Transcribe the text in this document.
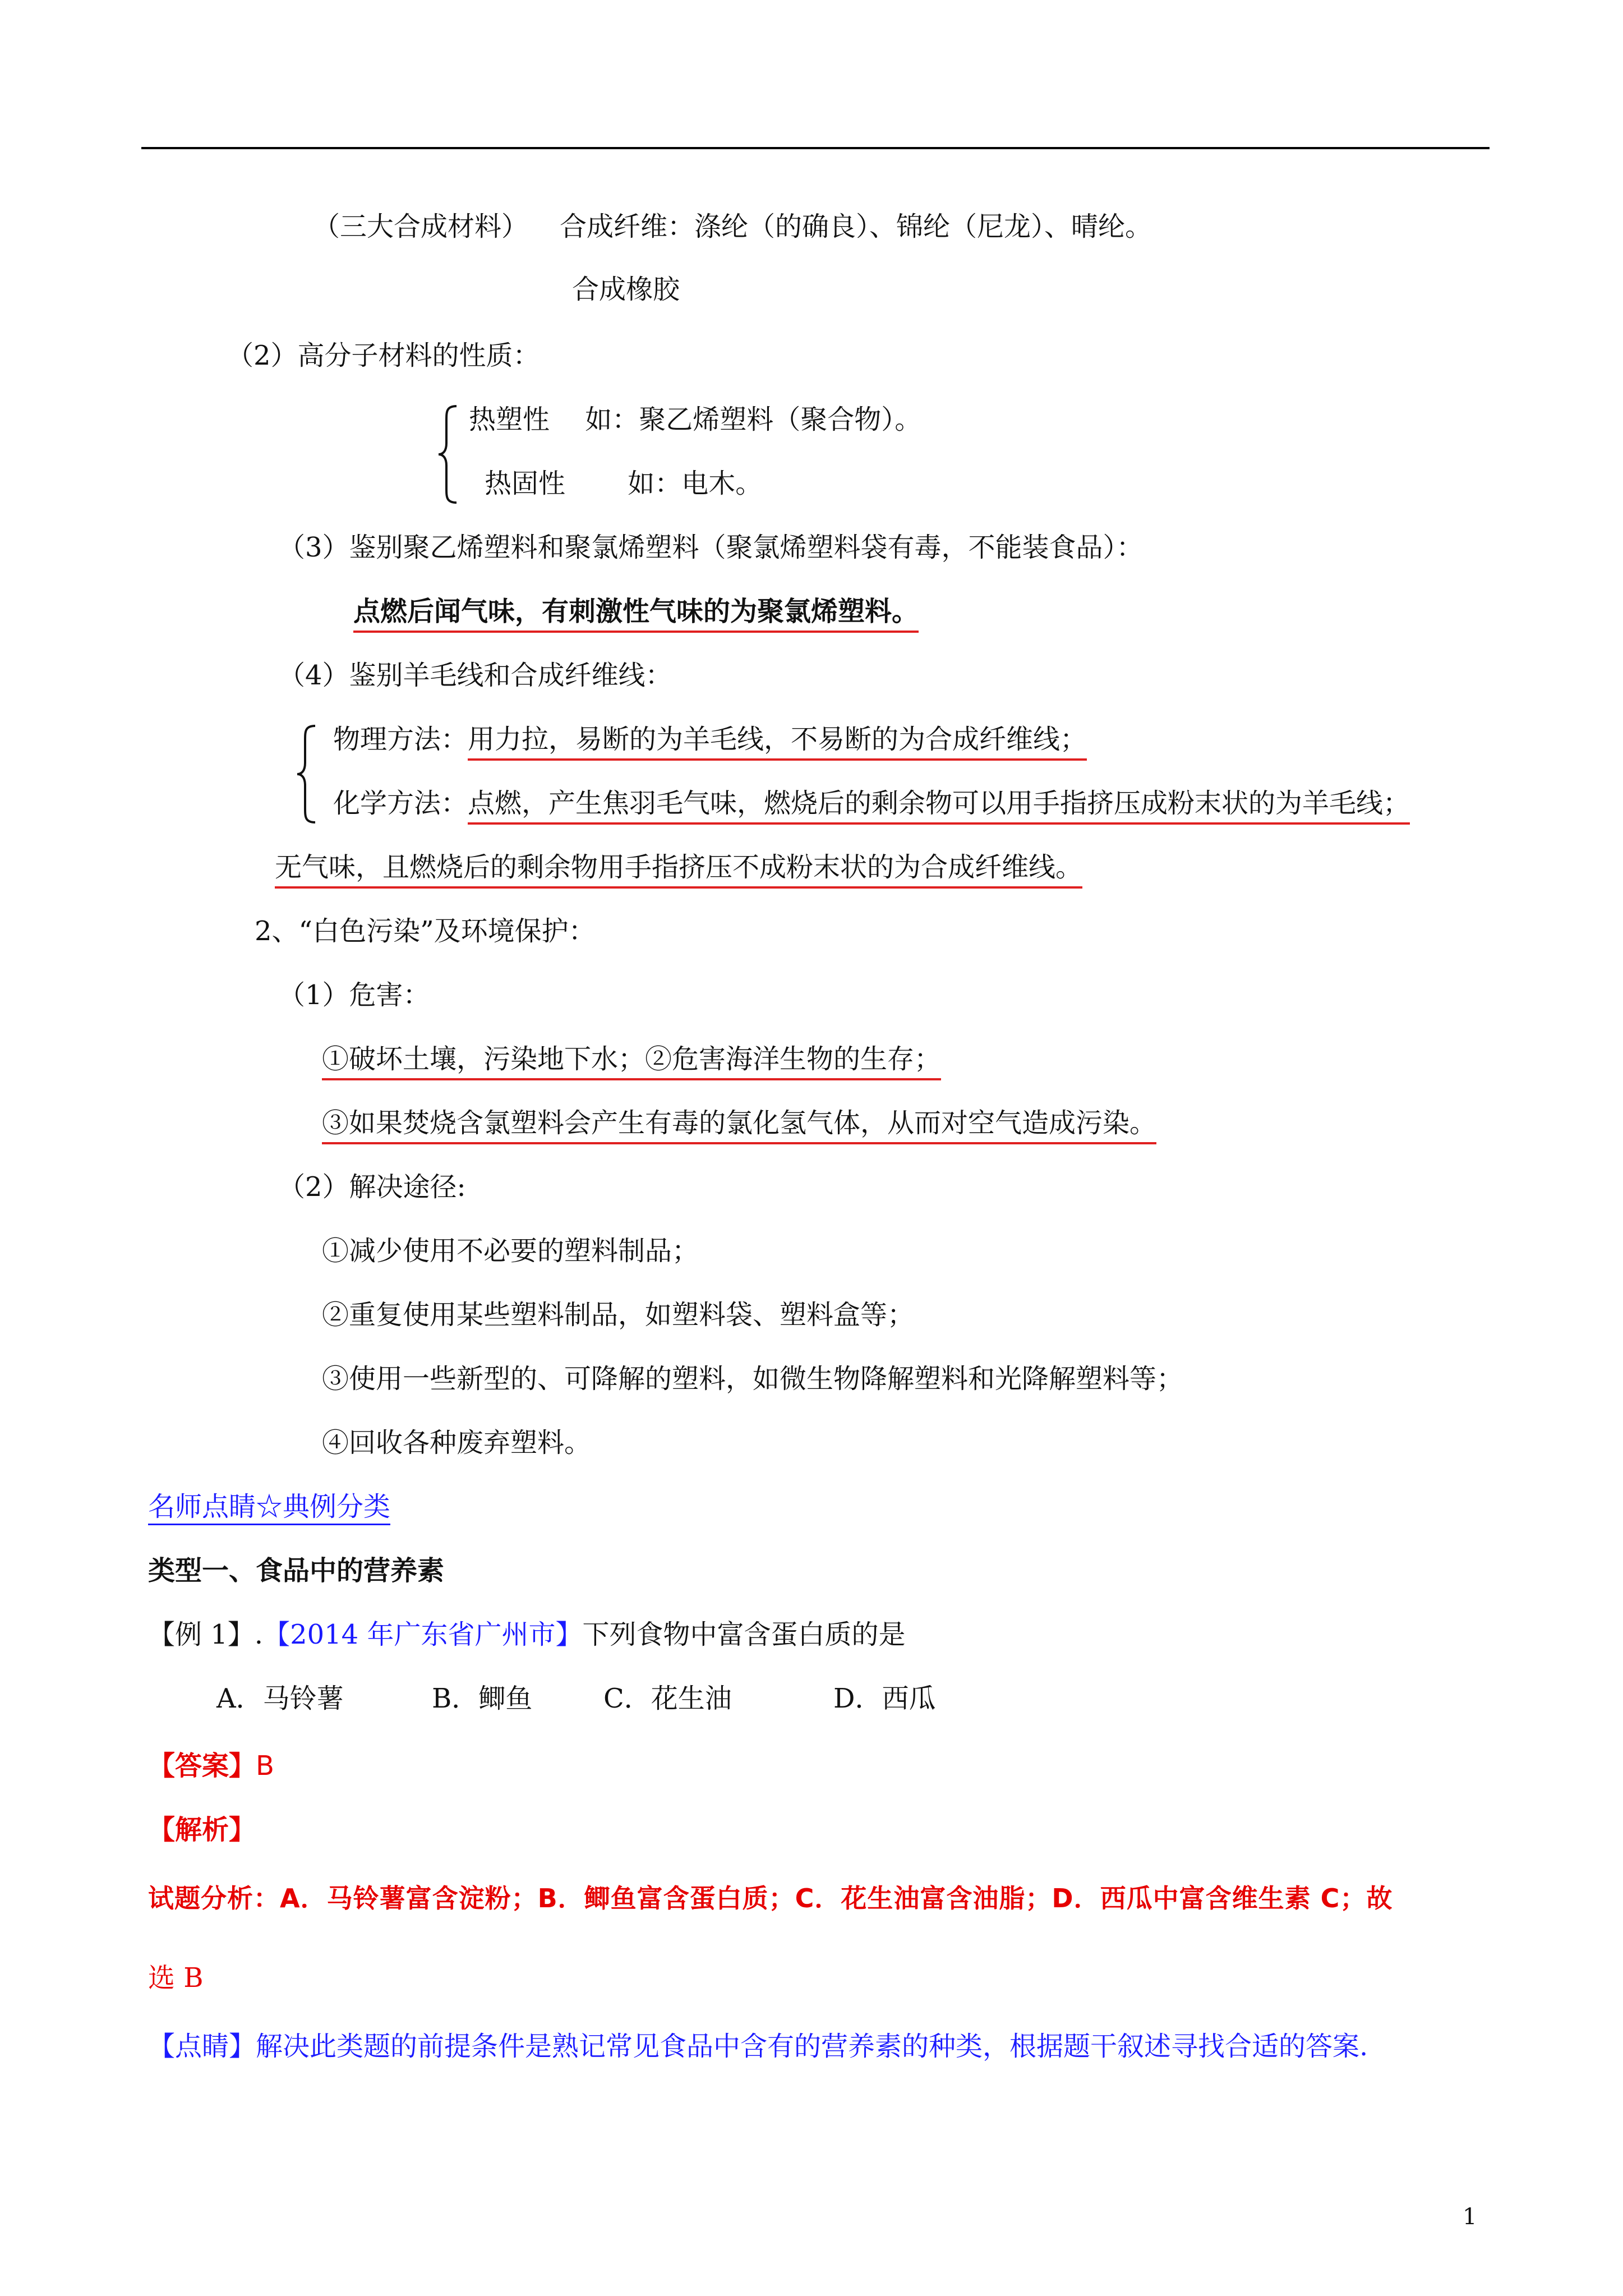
（三大合成材料） 合成纤维：涤纶（的确良）、锦纶（尼龙）、晴纶。
合成橡胶
（2）高分子材料的性质：
热塑性　 如：聚乙烯塑料（聚合物）。
热固性　　 如：电木。
（3）鉴别聚乙烯塑料和聚氯烯塑料（聚氯烯塑料袋有毒，不能装食品）：
点燃后闻气味，有刺激性气味的为聚氯烯塑料。
（4）鉴别羊毛线和合成纤维线：
物理方法：用力拉，易断的为羊毛线，不易断的为合成纤维线；
化学方法：点燃，产生焦羽毛气味，燃烧后的剩余物可以用手指挤压成粉末状的为羊毛线；
无气味，且燃烧后的剩余物用手指挤压不成粉末状的为合成纤维线。
2、“白色污染”及环境保护：
（1）危害：
①破坏土壤，污染地下水；②危害海洋生物的生存；
③如果焚烧含氯塑料会产生有毒的氯化氢气体，从而对空气造成污染。
（2）解决途径:
①减少使用不必要的塑料制品；
②重复使用某些塑料制品，如塑料袋、塑料盒等；
③使用一些新型的、可降解的塑料，如微生物降解塑料和光降解塑料等；
④回收各种废弃塑料。
名师点睛☆典例分类
类型一、食品中的营养素
【例 1】.【2014 年广东省广州市】下列食物中富含蛋白质的是
A．马铃薯	B．鲫鱼	C．花生油	D．西瓜
【答案】B
【解析】
试题分析：A．马铃薯富含淀粉；B．鲫鱼富含蛋白质；C．花生油富含油脂；D．西瓜中富含维生素 C；故
选 B
【点睛】解决此类题的前提条件是熟记常见食品中含有的营养素的种类，根据题干叙述寻找合适的答案.
1
